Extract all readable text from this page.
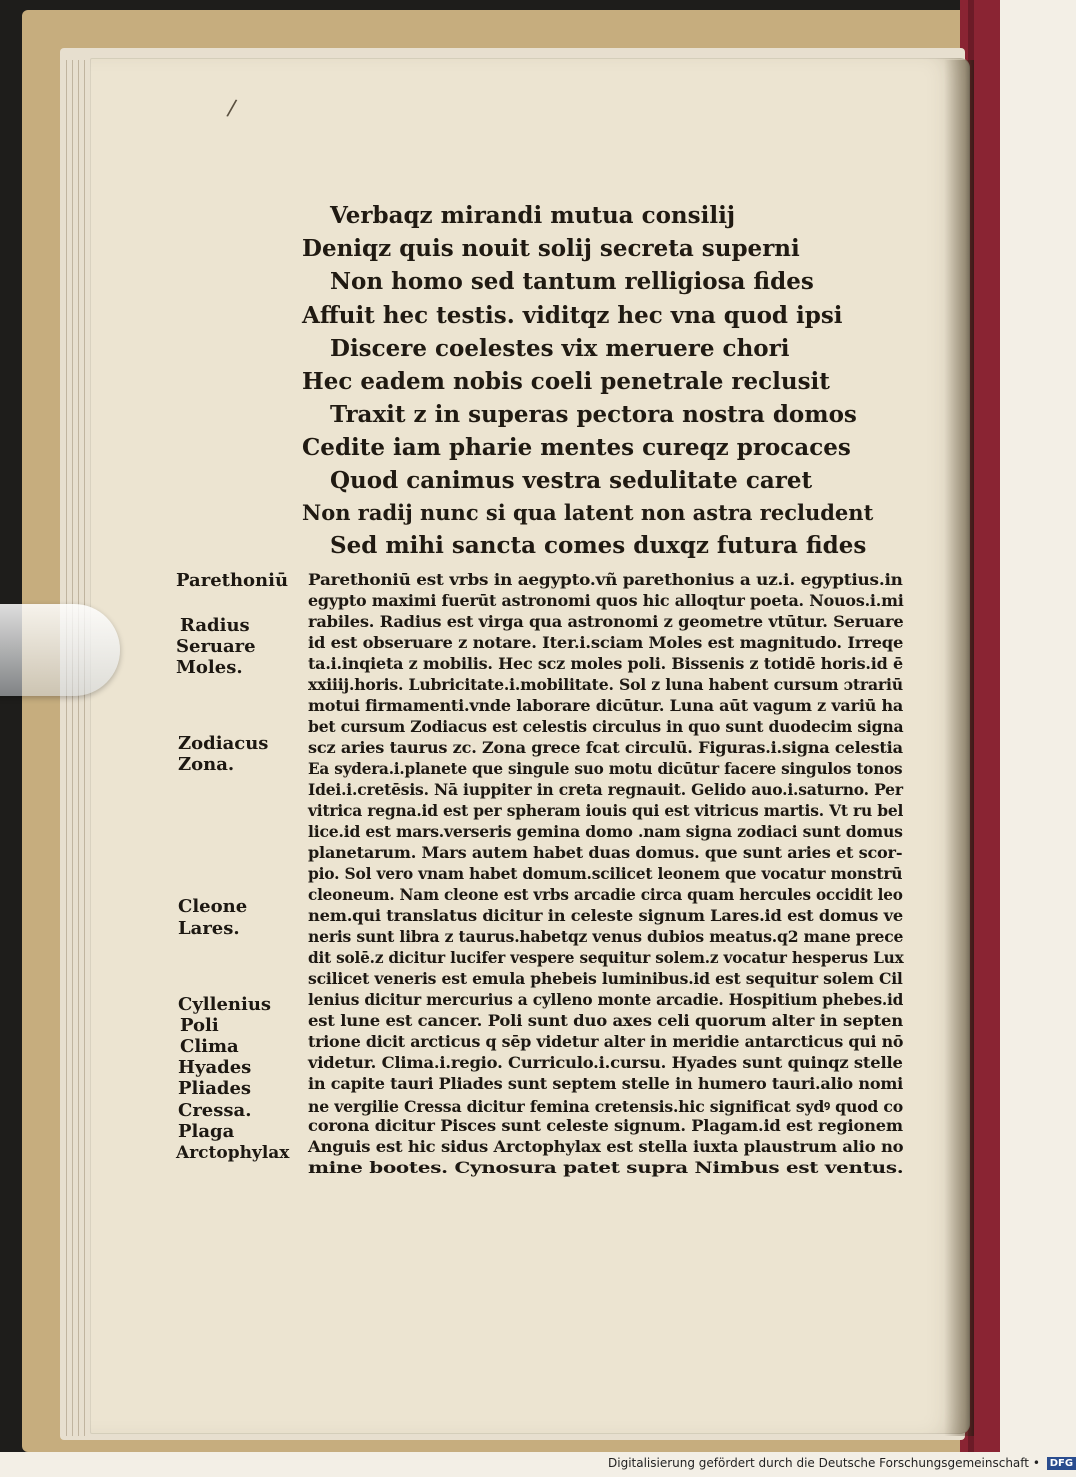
/
Verbaqz mirandi mutua consilij
Deniqz quis nouit solij secreta superni
Non homo sed tantum relligiosa fides
Affuit hec testis. viditqz hec vna quod ipsi
Discere coelestes vix meruere chori
Hec eadem nobis coeli penetrale reclusit
Traxit z in superas pectora nostra domos
Cedite iam pharie mentes cureqz procaces
Quod canimus vestra sedulitate caret
Non radij nunc si qua latent non astra recludent
Sed mihi sancta comes duxqz futura fides
Parethoniū
Radius
Seruare
Moles.
Zodiacus
Zona.
Cleone
Lares.
Cyllenius
Poli
Clima
Hyades
Pliades
Cressa.
Plaga
Arctophylax
Parethoniū est vrbs in aegypto.vñ parethonius a uz.i. egyptius.in
egypto maximi fuerūt astronomi quos hic alloqtur poeta. Nouos.i.mi
rabiles. Radius est virga qua astronomi z geometre vtūtur. Seruare
id est obseruare z notare. Iter.i.sciam Moles est magnitudo. Irreqe
ta.i.inqieta z mobilis. Hec scz moles poli. Bissenis z totidē horis.id ē
xxiiij.horis. Lubricitate.i.mobilitate. Sol z luna habent cursum ɔtrariū
motui firmamenti.vnde laborare dicūtur. Luna aūt vagum z variū ha
bet cursum Zodiacus est celestis circulus in quo sunt duodecim signa
scz aries taurus zc. Zona grece fcat circulū. Figuras.i.signa celestia
Ea sydera.i.planete que singule suo motu dicūtur facere singulos tonos
Idei.i.cretēsis. Nā iuppiter in creta regnauit. Gelido auo.i.saturno. Per
vitrica regna.id est per spheram iouis qui est vitricus martis. Vt ru bel
lice.id est mars.verseris gemina domo .nam signa zodiaci sunt domus
planetarum. Mars autem habet duas domus. que sunt aries et scor-
pio. Sol vero vnam habet domum.scilicet leonem que vocatur monstrū
cleoneum. Nam cleone est vrbs arcadie circa quam hercules occidit leo
nem.qui translatus dicitur in celeste signum Lares.id est domus ve
neris sunt libra z taurus.habetqz venus dubios meatus.q2 mane prece
dit solē.z dicitur lucifer vespere sequitur solem.z vocatur hesperus Lux
scilicet veneris est emula phebeis luminibus.id est sequitur solem Cil
lenius dicitur mercurius a cylleno monte arcadie. Hospitium phebes.id
est lune est cancer. Poli sunt duo axes celi quorum alter in septen
trione dicit arcticus q sēp videtur alter in meridie antarcticus qui nō
videtur. Clima.i.regio. Curriculo.i.cursu. Hyades sunt quinqz stelle
in capite tauri Pliades sunt septem stelle in humero tauri.alio nomi
ne vergilie Cressa dicitur femina cretensis.hic significat sydꝰ quod co
corona dicitur Pisces sunt celeste signum. Plagam.id est regionem
Anguis est hic sidus Arctophylax est stella iuxta plaustrum alio no
mine bootes. Cynosura patet supra Nimbus est ventus.
Digitalisierung gefördert durch die Deutsche Forschungsgemeinschaft • DFG
